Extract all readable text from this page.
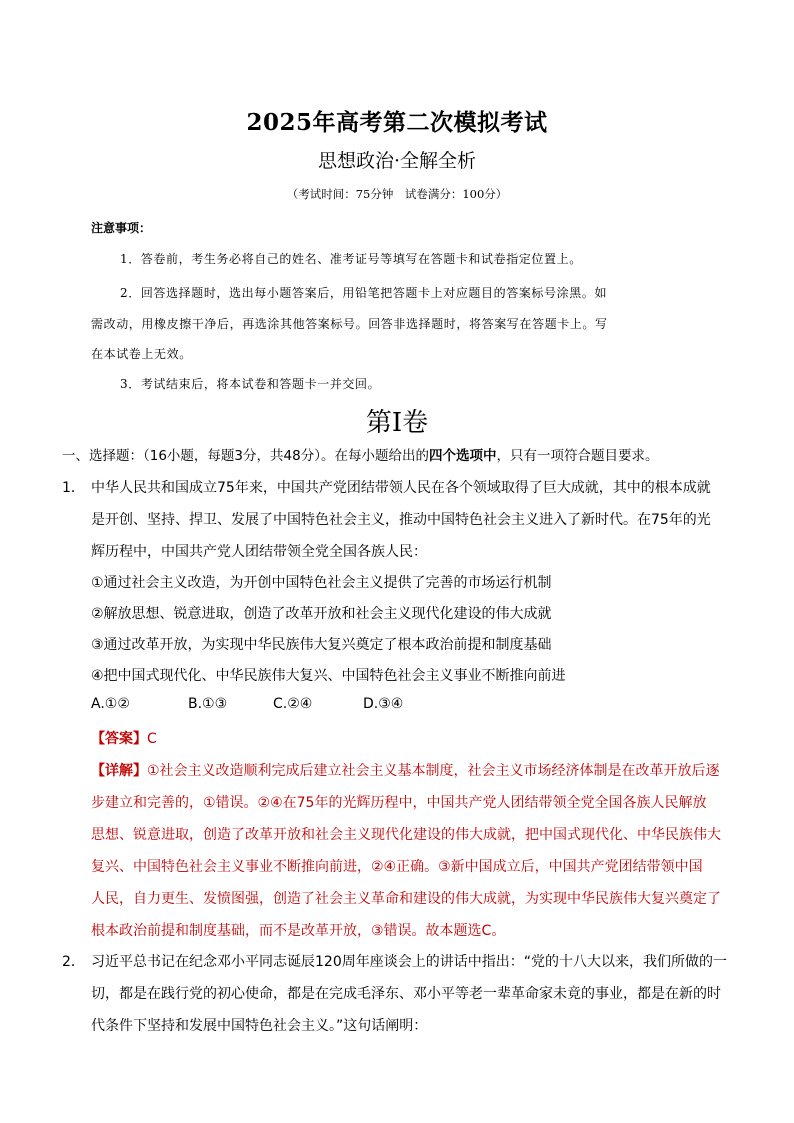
2025年高考第二次模拟考试
思想政治·全解全析
（考试时间：75分钟　试卷满分：100分）
注意事项：
1．答卷前，考生务必将自己的姓名、准考证号等填写在答题卡和试卷指定位置上。
2．回答选择题时，选出每小题答案后，用铅笔把答题卡上对应题目的答案标号涂黑。如
需改动，用橡皮擦干净后，再选涂其他答案标号。回答非选择题时，将答案写在答题卡上。写
在本试卷上无效。
3．考试结束后，将本试卷和答题卡一并交回。
第Ⅰ卷
一、选择题：（16小题，每题3分，共48分）。在每小题给出的四个选项中，只有一项符合题目要求。
1． 中华人民共和国成立75年来，中国共产党团结带领人民在各个领域取得了巨大成就，其中的根本成就
是开创、坚持、捍卫、发展了中国特色社会主义，推动中国特色社会主义进入了新时代。在75年的光
辉历程中，中国共产党人团结带领全党全国各族人民：
①通过社会主义改造，为开创中国特色社会主义提供了完善的市场运行机制
②解放思想、锐意进取，创造了改革开放和社会主义现代化建设的伟大成就
③通过改革开放，为实现中华民族伟大复兴奠定了根本政治前提和制度基础
④把中国式现代化、中华民族伟大复兴、中国特色社会主义事业不断推向前进
A.①②	B.①③	C.②④	D.③④
【答案】C
【详解】①社会主义改造顺利完成后建立社会主义基本制度，社会主义市场经济体制是在改革开放后逐
步建立和完善的，①错误。②④在75年的光辉历程中，中国共产党人团结带领全党全国各族人民解放
思想、锐意进取，创造了改革开放和社会主义现代化建设的伟大成就，把中国式现代化、中华民族伟大
复兴、中国特色社会主义事业不断推向前进，②④正确。③新中国成立后，中国共产党团结带领中国
人民，自力更生、发愤图强，创造了社会主义革命和建设的伟大成就，为实现中华民族伟大复兴奠定了
根本政治前提和制度基础，而不是改革开放，③错误。故本题选C。
2． 习近平总书记在纪念邓小平同志诞辰120周年座谈会上的讲话中指出：“党的十八大以来，我们所做的一
切，都是在践行党的初心使命，都是在完成毛泽东、邓小平等老一辈革命家未竟的事业，都是在新的时
代条件下坚持和发展中国特色社会主义。”这句话阐明：
